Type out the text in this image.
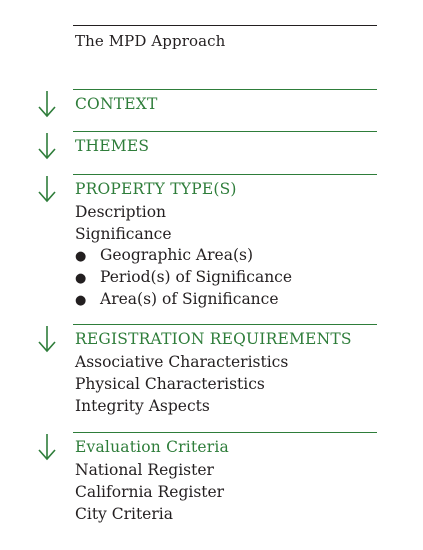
The MPD Approach
CONTEXT
THEMES
PROPERTY TYPE(S)
Description
Significance
● Geographic Area(s)
● Period(s) of Significance
● Area(s) of Significance
REGISTRATION REQUIREMENTS
Associative Characteristics
Physical Characteristics
Integrity Aspects
Evaluation Criteria
National Register
California Register
City Criteria
